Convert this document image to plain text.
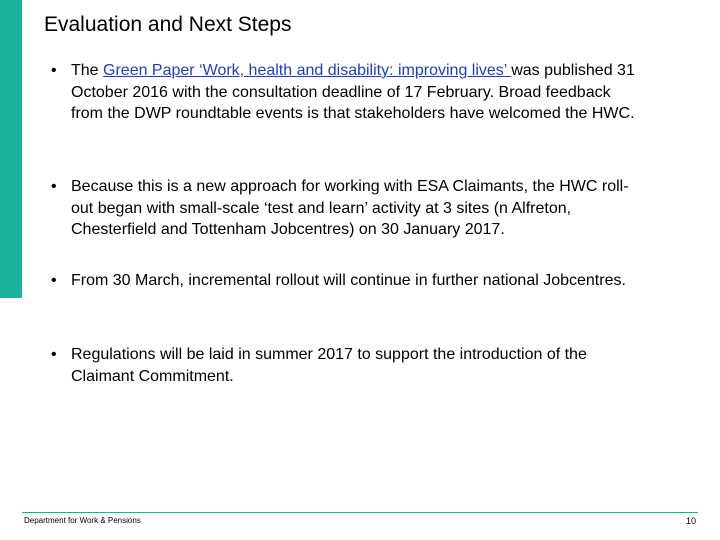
Evaluation and Next Steps
• The Green Paper ‘Work, health and disability: improving lives’ was published 31 October 2016 with the consultation deadline of 17 February. Broad feedback from the DWP roundtable events is that stakeholders have welcomed the HWC.
• Because this is a new approach for working with ESA Claimants, the HWC roll-out began with small-scale ‘test and learn’ activity at 3 sites (n Alfreton, Chesterfield and Tottenham Jobcentres) on 30 January 2017.
• From 30 March, incremental rollout will continue in further national Jobcentres.
• Regulations will be laid in summer 2017 to support the introduction of the Claimant Commitment.
Department for Work & Pensions	10
